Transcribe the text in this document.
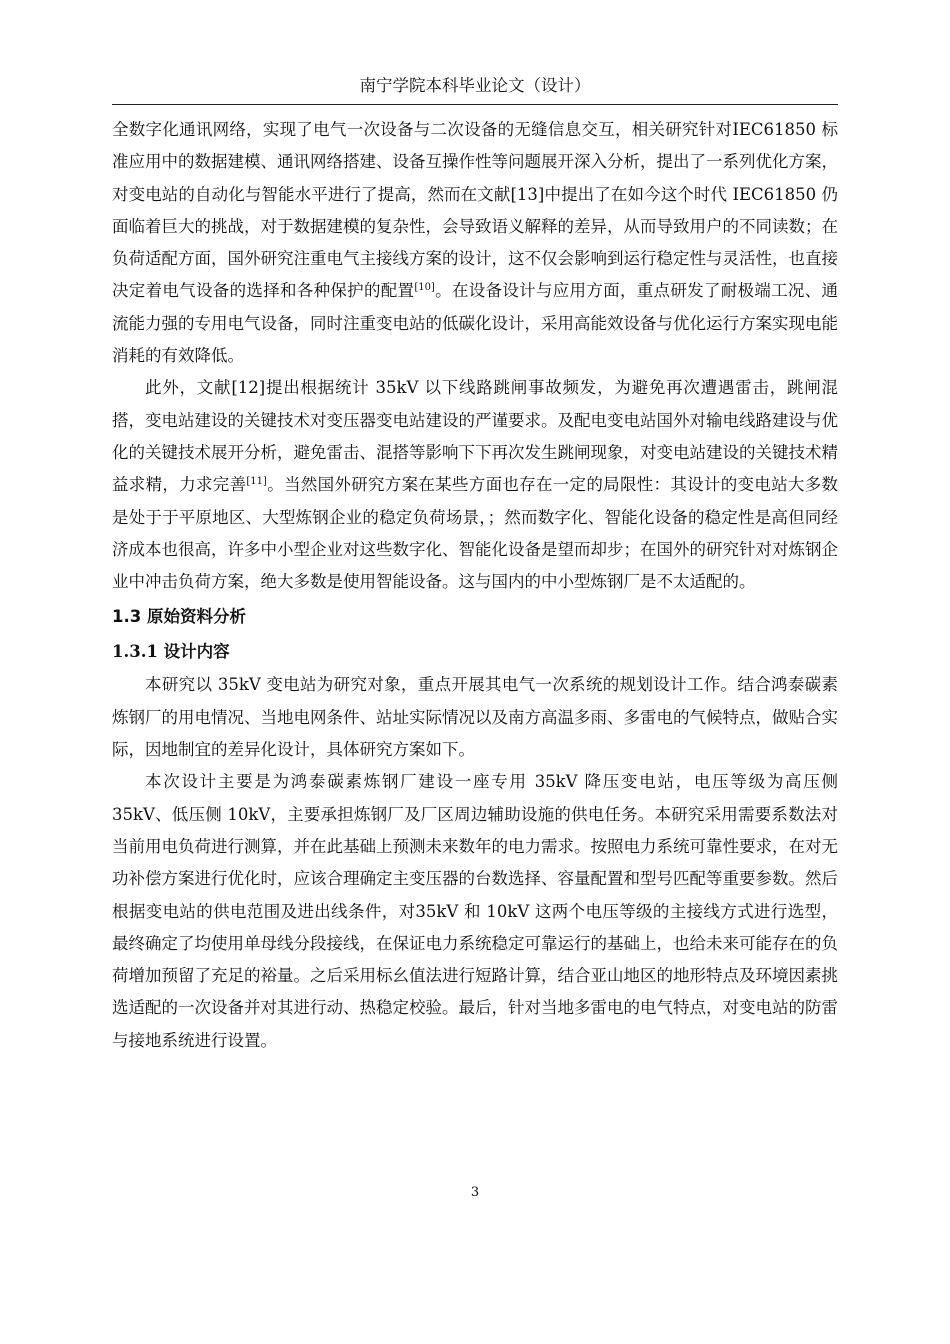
南宁学院本科毕业论文（设计）

全数字化通讯网络，实现了电气一次设备与二次设备的无缝信息交互，相关研究针对IEC61850 标准应用中的数据建模、通讯网络搭建、设备互操作性等问题展开深入分析，提出了一系列优化方案，对变电站的自动化与智能水平进行了提高，然而在文献[13]中提出了在如今这个时代 IEC61850 仍面临着巨大的挑战，对于数据建模的复杂性，会导致语义解释的差异，从而导致用户的不同读数；在负荷适配方面，国外研究注重电气主接线方案的设计，这不仅会影响到运行稳定性与灵活性，也直接决定着电气设备的选择和各种保护的配置[10]。在设备设计与应用方面，重点研发了耐极端工况、通流能力强的专用电气设备，同时注重变电站的低碳化设计，采用高能效设备与优化运行方案实现电能消耗的有效降低。

此外，文献[12]提出根据统计 35kV 以下线路跳闸事故频发，为避免再次遭遇雷击，跳闸混搭，变电站建设的关键技术对变压器变电站建设的严谨要求。及配电变电站国外对输电线路建设与优化的关键技术展开分析，避免雷击、混搭等影响下下再次发生跳闸现象，对变电站建设的关键技术精益求精，力求完善[11]。当然国外研究方案在某些方面也存在一定的局限性：其设计的变电站大多数是处于于平原地区、大型炼钢企业的稳定负荷场景，；然而数字化、智能化设备的稳定性是高但同经济成本也很高，许多中小型企业对这些数字化、智能化设备是望而却步；在国外的研究针对对炼钢企业中冲击负荷方案，绝大多数是使用智能设备。这与国内的中小型炼钢厂是不太适配的。

1.3 原始资料分析
1.3.1 设计内容

本研究以 35kV 变电站为研究对象，重点开展其电气一次系统的规划设计工作。结合鸿泰碳素炼钢厂的用电情况、当地电网条件、站址实际情况以及南方高温多雨、多雷电的气候特点，做贴合实际，因地制宜的差异化设计，具体研究方案如下。

本次设计主要是为鸿泰碳素炼钢厂建设一座专用 35kV 降压变电站，电压等级为高压侧 35kV、低压侧 10kV，主要承担炼钢厂及厂区周边辅助设施的供电任务。本研究采用需要系数法对当前用电负荷进行测算，并在此基础上预测未来数年的电力需求。按照电力系统可靠性要求，在对无功补偿方案进行优化时，应该合理确定主变压器的台数选择、容量配置和型号匹配等重要参数。然后根据变电站的供电范围及进出线条件，对35kV 和 10kV 这两个电压等级的主接线方式进行选型，最终确定了均使用单母线分段接线，在保证电力系统稳定可靠运行的基础上，也给未来可能存在的负荷增加预留了充足的裕量。之后采用标幺值法进行短路计算，结合亚山地区的地形特点及环境因素挑选适配的一次设备并对其进行动、热稳定校验。最后，针对当地多雷电的电气特点，对变电站的防雷与接地系统进行设置。

3
